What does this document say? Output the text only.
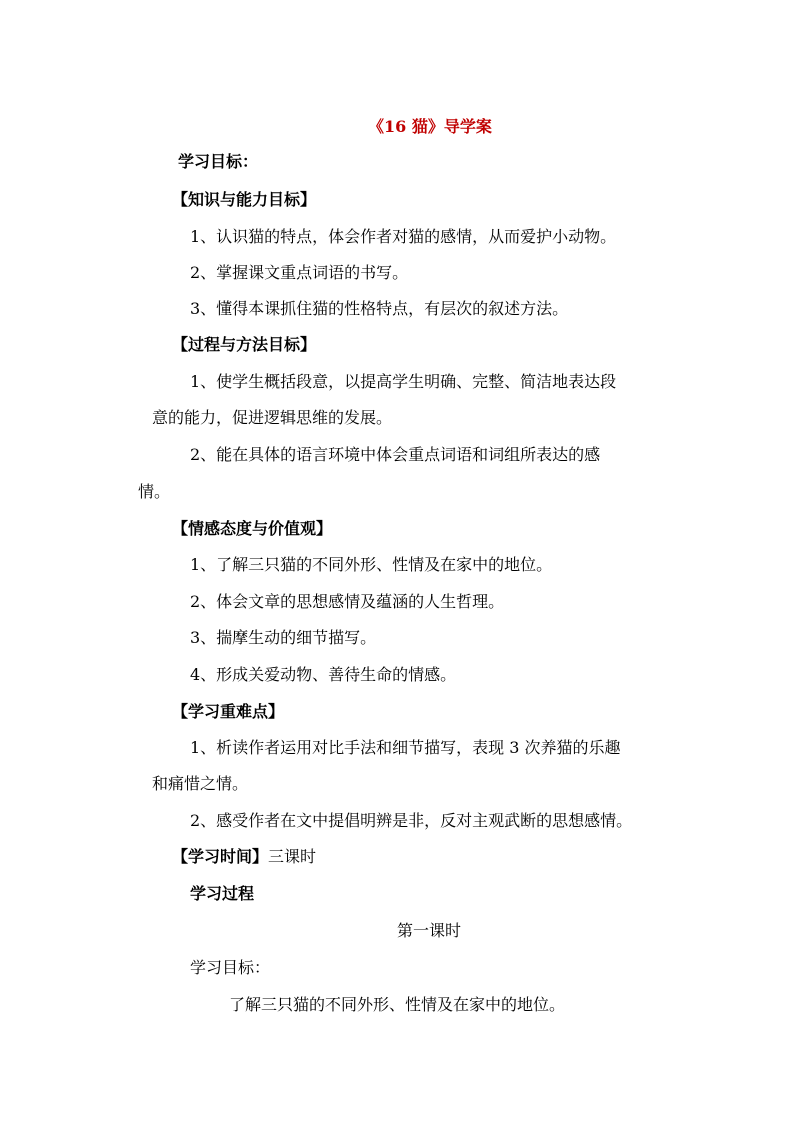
《16 猫》导学案
学习目标：
【知识与能力目标】
1、认识猫的特点，体会作者对猫的感情，从而爱护小动物。
2、掌握课文重点词语的书写。
3、懂得本课抓住猫的性格特点，有层次的叙述方法。
【过程与方法目标】
1、使学生概括段意，以提高学生明确、完整、简洁地表达段
意的能力，促进逻辑思维的发展。
2、能在具体的语言环境中体会重点词语和词组所表达的感
情。
【情感态度与价值观】
1、了解三只猫的不同外形、性情及在家中的地位。
2、体会文章的思想感情及蕴涵的人生哲理。
3、揣摩生动的细节描写。
4、形成关爱动物、善待生命的情感。
【学习重难点】
1、析读作者运用对比手法和细节描写，表现 3 次养猫的乐趣
和痛惜之情。
2、感受作者在文中提倡明辨是非，反对主观武断的思想感情。
【学习时间】三课时
学习过程
第一课时
学习目标：
了解三只猫的不同外形、性情及在家中的地位。
